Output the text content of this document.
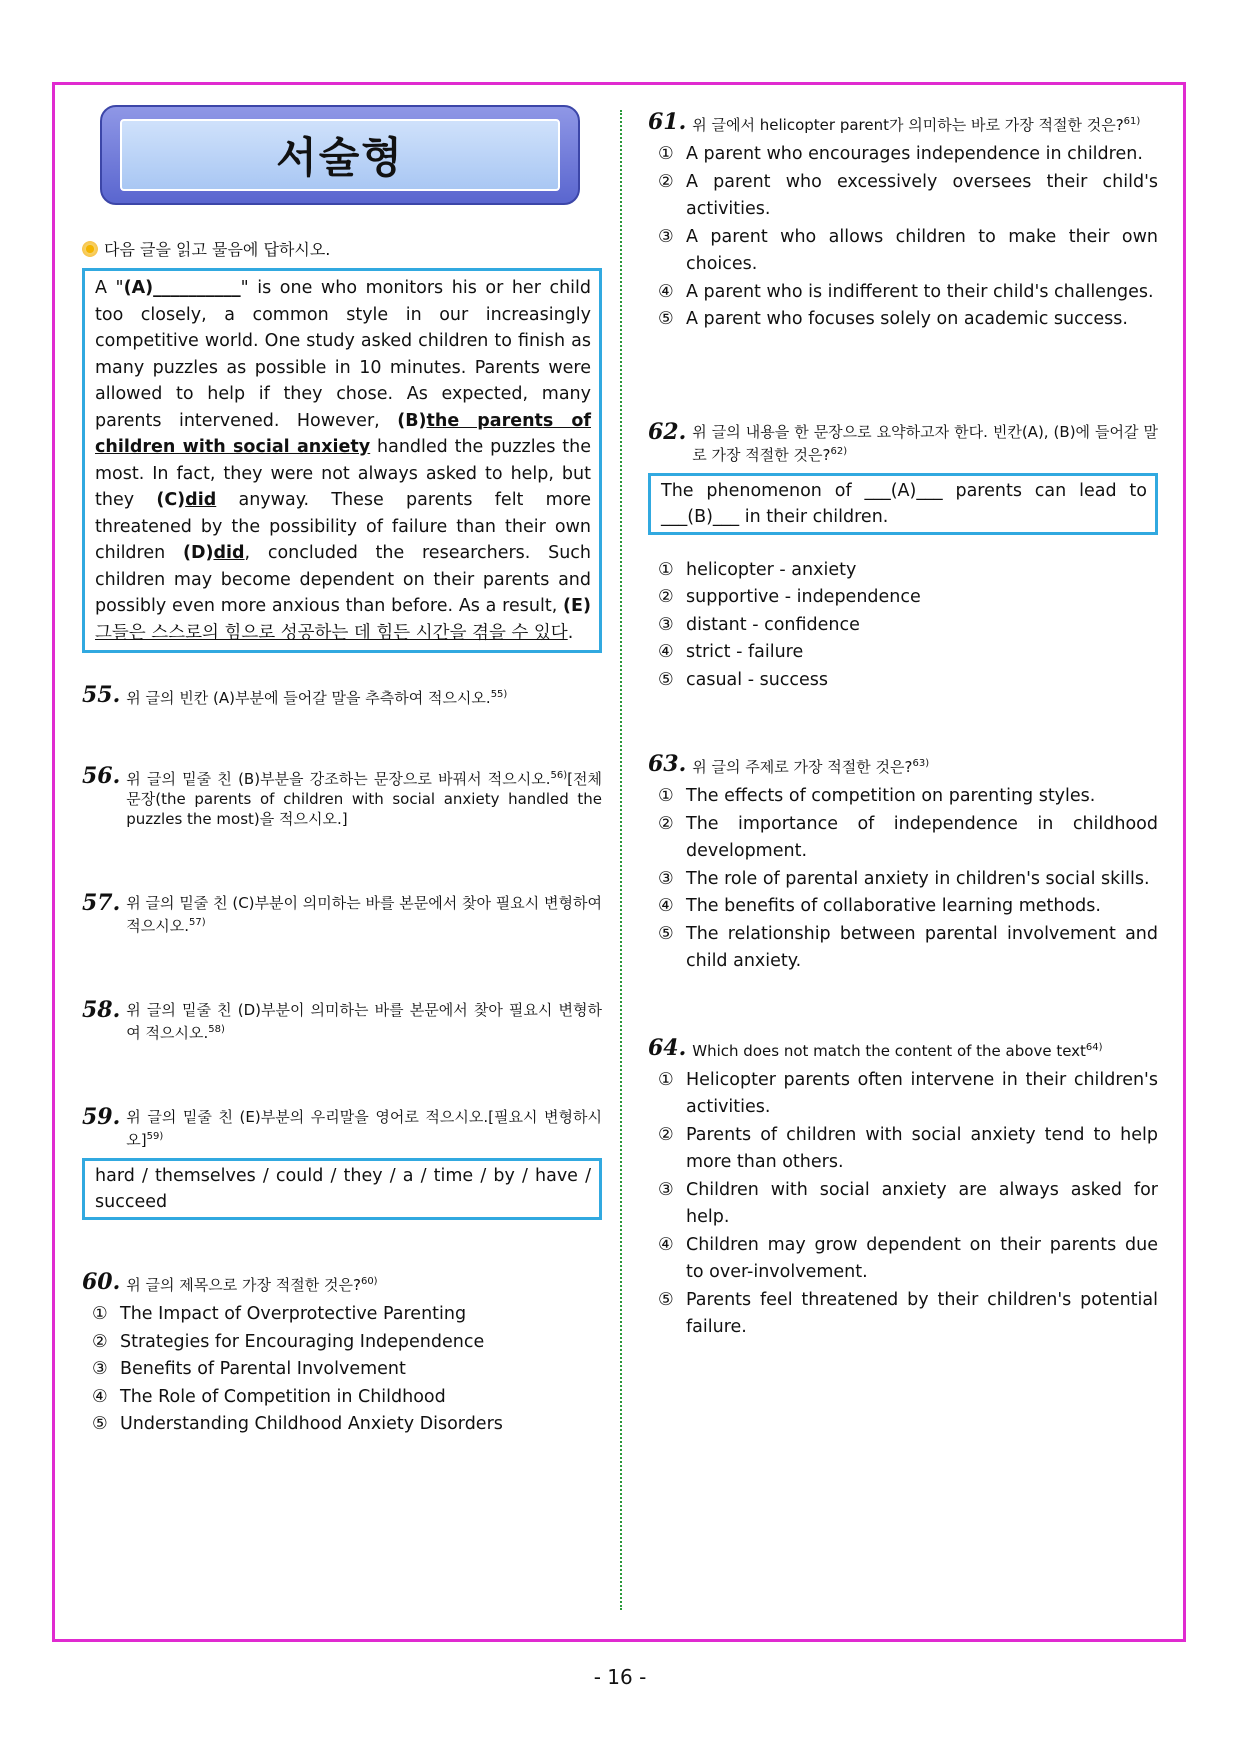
서술형
다음 글을 읽고 물음에 답하시오.
A "(A)__________" is one who monitors his or her child too closely, a common style in our increasingly competitive world. One study asked children to finish as many puzzles as possible in 10 minutes. Parents were allowed to help if they chose. As expected, many parents intervened. However, (B)the parents of children with social anxiety handled the puzzles the most. In fact, they were not always asked to help, but they (C)did anyway. These parents felt more threatened by the possibility of failure than their own children (D)did, concluded the researchers. Such children may become dependent on their parents and possibly even more anxious than before. As a result, (E)그들은 스스로의 힘으로 성공하는 데 힘든 시간을 겪을 수 있다.
55. 위 글의 빈칸 (A)부분에 들어갈 말을 추측하여 적으시오.$^{55)}$
56. 위 글의 밑줄 친 (B)부분을 강조하는 문장으로 바꿔서 적으시오.$^{56)}$[전체 문장(the parents of children with social anxiety handled the puzzles the most)을 적으시오.]
57. 위 글의 밑줄 친 (C)부분이 의미하는 바를 본문에서 찾아 필요시 변형하여 적으시오.$^{57)}$
58. 위 글의 밑줄 친 (D)부분이 의미하는 바를 본문에서 찾아 필요시 변형하여 적으시오.$^{58)}$
59. 위 글의 밑줄 친 (E)부분의 우리말을 영어로 적으시오.[필요시 변형하시오]$^{59)}$
hard / themselves / could / they / a / time / by / have / succeed
60. 위 글의 제목으로 가장 적절한 것은?$^{60)}$
① The Impact of Overprotective Parenting
② Strategies for Encouraging Independence
③ Benefits of Parental Involvement
④ The Role of Competition in Childhood
⑤ Understanding Childhood Anxiety Disorders
61. 위 글에서 helicopter parent가 의미하는 바로 가장 적절한 것은?$^{61)}$
① A parent who encourages independence in children.
② A parent who excessively oversees their child's activities.
③ A parent who allows children to make their own choices.
④ A parent who is indifferent to their child's challenges.
⑤ A parent who focuses solely on academic success.
62. 위 글의 내용을 한 문장으로 요약하고자 한다. 빈칸(A), (B)에 들어갈 말로 가장 적절한 것은?$^{62)}$
The phenomenon of ___(A)___ parents can lead to ___(B)___ in their children.
① helicopter - anxiety
② supportive - independence
③ distant - confidence
④ strict - failure
⑤ casual - success
63. 위 글의 주제로 가장 적절한 것은?$^{63)}$
① The effects of competition on parenting styles.
② The importance of independence in childhood development.
③ The role of parental anxiety in children's social skills.
④ The benefits of collaborative learning methods.
⑤ The relationship between parental involvement and child anxiety.
64. Which does not match the content of the above text$^{64)}$
① Helicopter parents often intervene in their children's activities.
② Parents of children with social anxiety tend to help more than others.
③ Children with social anxiety are always asked for help.
④ Children may grow dependent on their parents due to over-involvement.
⑤ Parents feel threatened by their children's potential failure.
- 16 -
